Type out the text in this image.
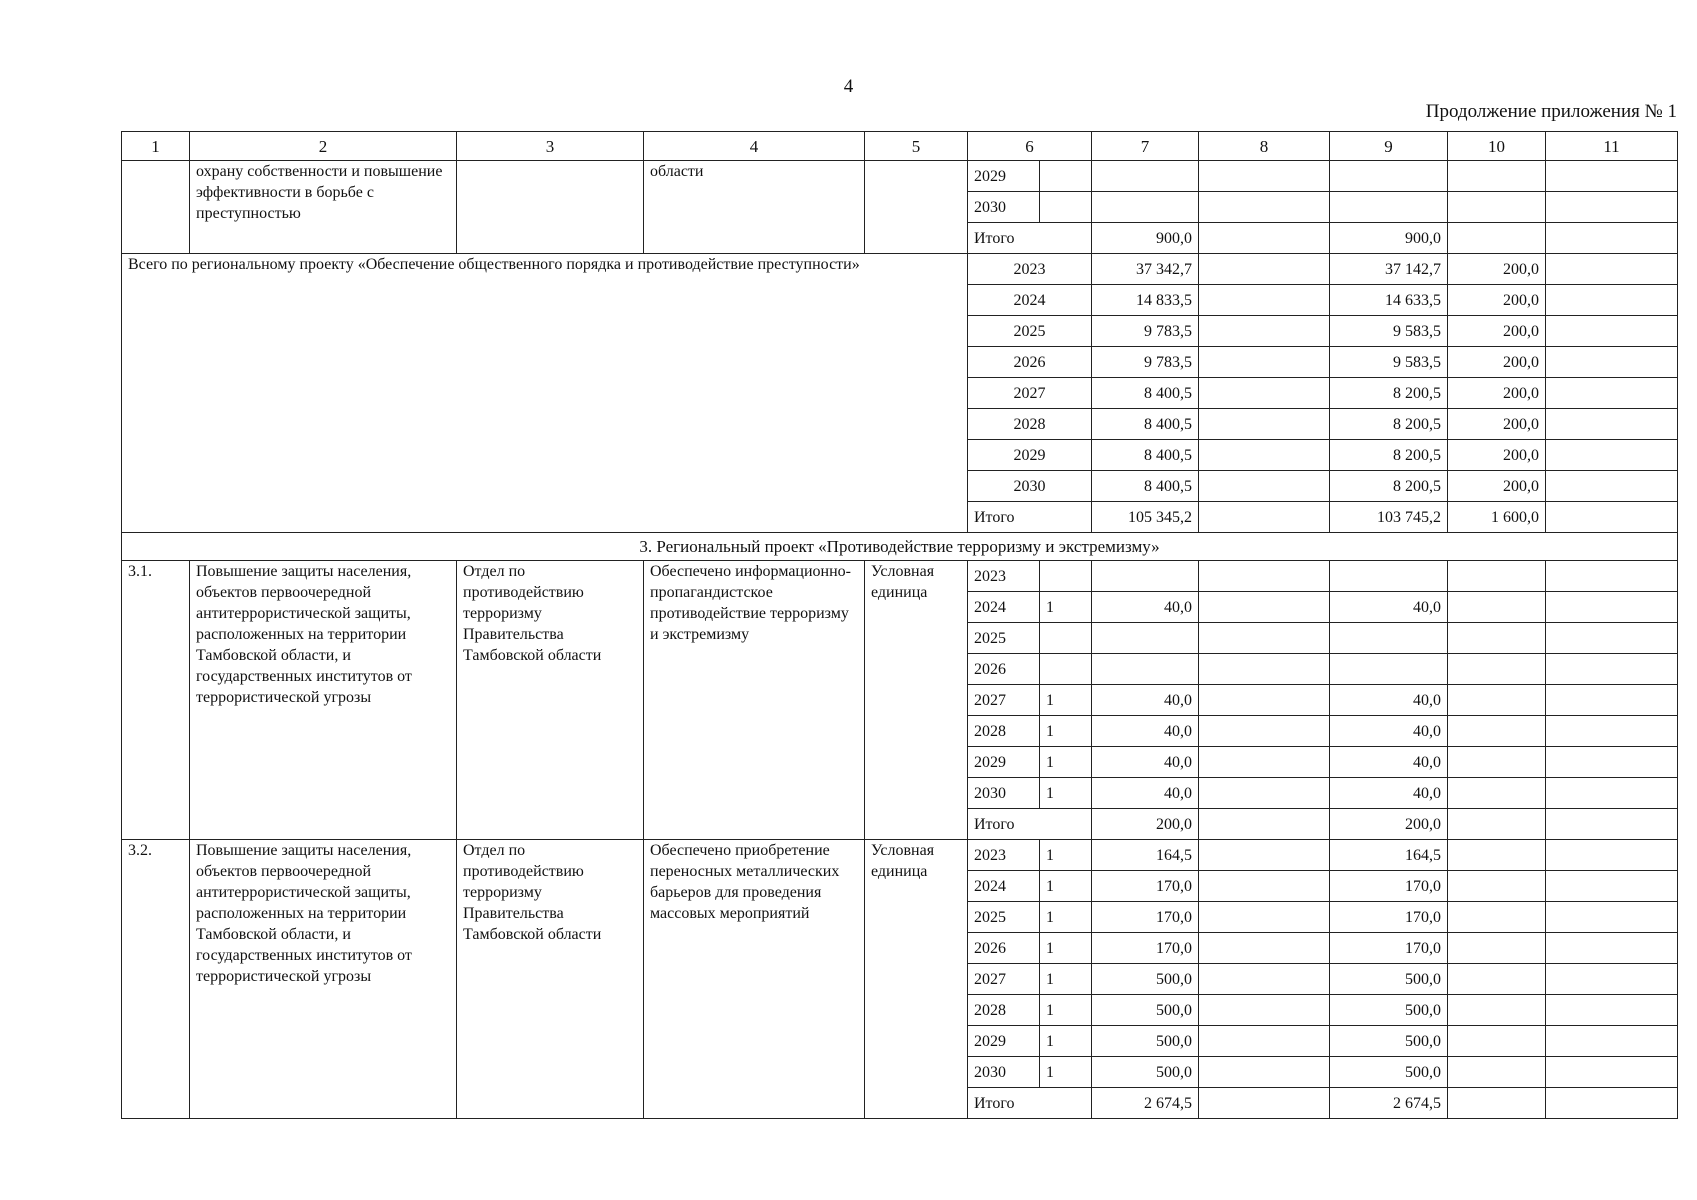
4
Продолжение приложения № 1
1	2	3	4	5	6		7	8	9	10	11
	охрану собственности и повышение эффективности в борьбе с преступностью		области		2029						
					2030						
					Итого		900,0		900,0		
Всего по региональному проекту «Обеспечение общественного порядка и противодействие преступности»					2023		37 342,7		37 142,7	200,0	
					2024		14 833,5		14 633,5	200,0	
					2025		9 783,5		9 583,5	200,0	
					2026		9 783,5		9 583,5	200,0	
					2027		8 400,5		8 200,5	200,0	
					2028		8 400,5		8 200,5	200,0	
					2029		8 400,5		8 200,5	200,0	
					2030		8 400,5		8 200,5	200,0	
					Итого		105 345,2		103 745,2	1 600,0	
3. Региональный проект «Противодействие терроризму и экстремизму»											
3.1.	Повышение защиты населения, объектов первоочередной антитеррористической защиты, расположенных на территории Тамбовской области, и государственных институтов от террористической угрозы	Отдел по противодействию терроризму Правительства Тамбовской области	Обеспечено информационно-пропагандистское противодействие терроризму и экстремизму	Условная единица	2023						
					2024	1	40,0		40,0		
					2025						
					2026						
					2027	1	40,0		40,0		
					2028	1	40,0		40,0		
					2029	1	40,0		40,0		
					2030	1	40,0		40,0		
					Итого		200,0		200,0		
3.2.	Повышение защиты населения, объектов первоочередной антитеррористической защиты, расположенных на территории Тамбовской области, и государственных институтов от террористической угрозы	Отдел по противодействию терроризму Правительства Тамбовской области	Обеспечено приобретение переносных металлических барьеров для проведения массовых мероприятий	Условная единица	2023	1	164,5		164,5		
					2024	1	170,0		170,0		
					2025	1	170,0		170,0		
					2026	1	170,0		170,0		
					2027	1	500,0		500,0		
					2028	1	500,0		500,0		
					2029	1	500,0		500,0		
					2030	1	500,0		500,0		
					Итого		2 674,5		2 674,5		
